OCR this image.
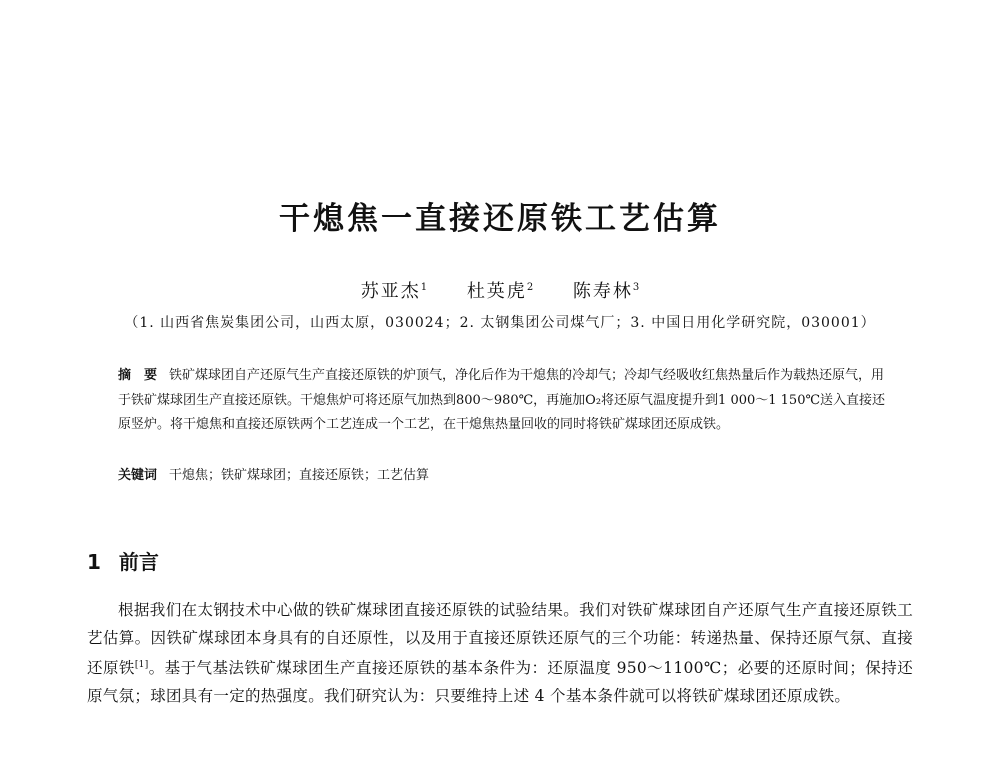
干熄焦一直接还原铁工艺估算
苏亚杰$^1$ 杜英虎$^2$ 陈寿林$^3$
（1. 山西省焦炭集团公司，山西太原，030024；2. 太钢集团公司煤气厂；3. 中国日用化学研究院，030001）
摘　要 铁矿煤球团自产还原气生产直接还原铁的炉顶气，净化后作为干熄焦的冷却气；冷却气经吸收红焦热量后作为载热还原气，用于铁矿煤球团生产直接还原铁。干熄焦炉可将还原气加热到800～980℃，再施加O₂将还原气温度提升到1 000～1 150℃送入直接还原竖炉。将干熄焦和直接还原铁两个工艺连成一个工艺，在干熄焦热量回收的同时将铁矿煤球团还原成铁。
关键词 干熄焦；铁矿煤球团；直接还原铁；工艺估算
1 前言
根据我们在太钢技术中心做的铁矿煤球团直接还原铁的试验结果。我们对铁矿煤球团自产还原气生产直接还原铁工艺估算。因铁矿煤球团本身具有的自还原性，以及用于直接还原铁还原气的三个功能：转递热量、保持还原气氛、直接还原铁[1]。基于气基法铁矿煤球团生产直接还原铁的基本条件为：还原温度 950～1100℃；必要的还原时间；保持还原气氛；球团具有一定的热强度。我们研究认为：只要维持上述 4 个基本条件就可以将铁矿煤球团还原成铁。
